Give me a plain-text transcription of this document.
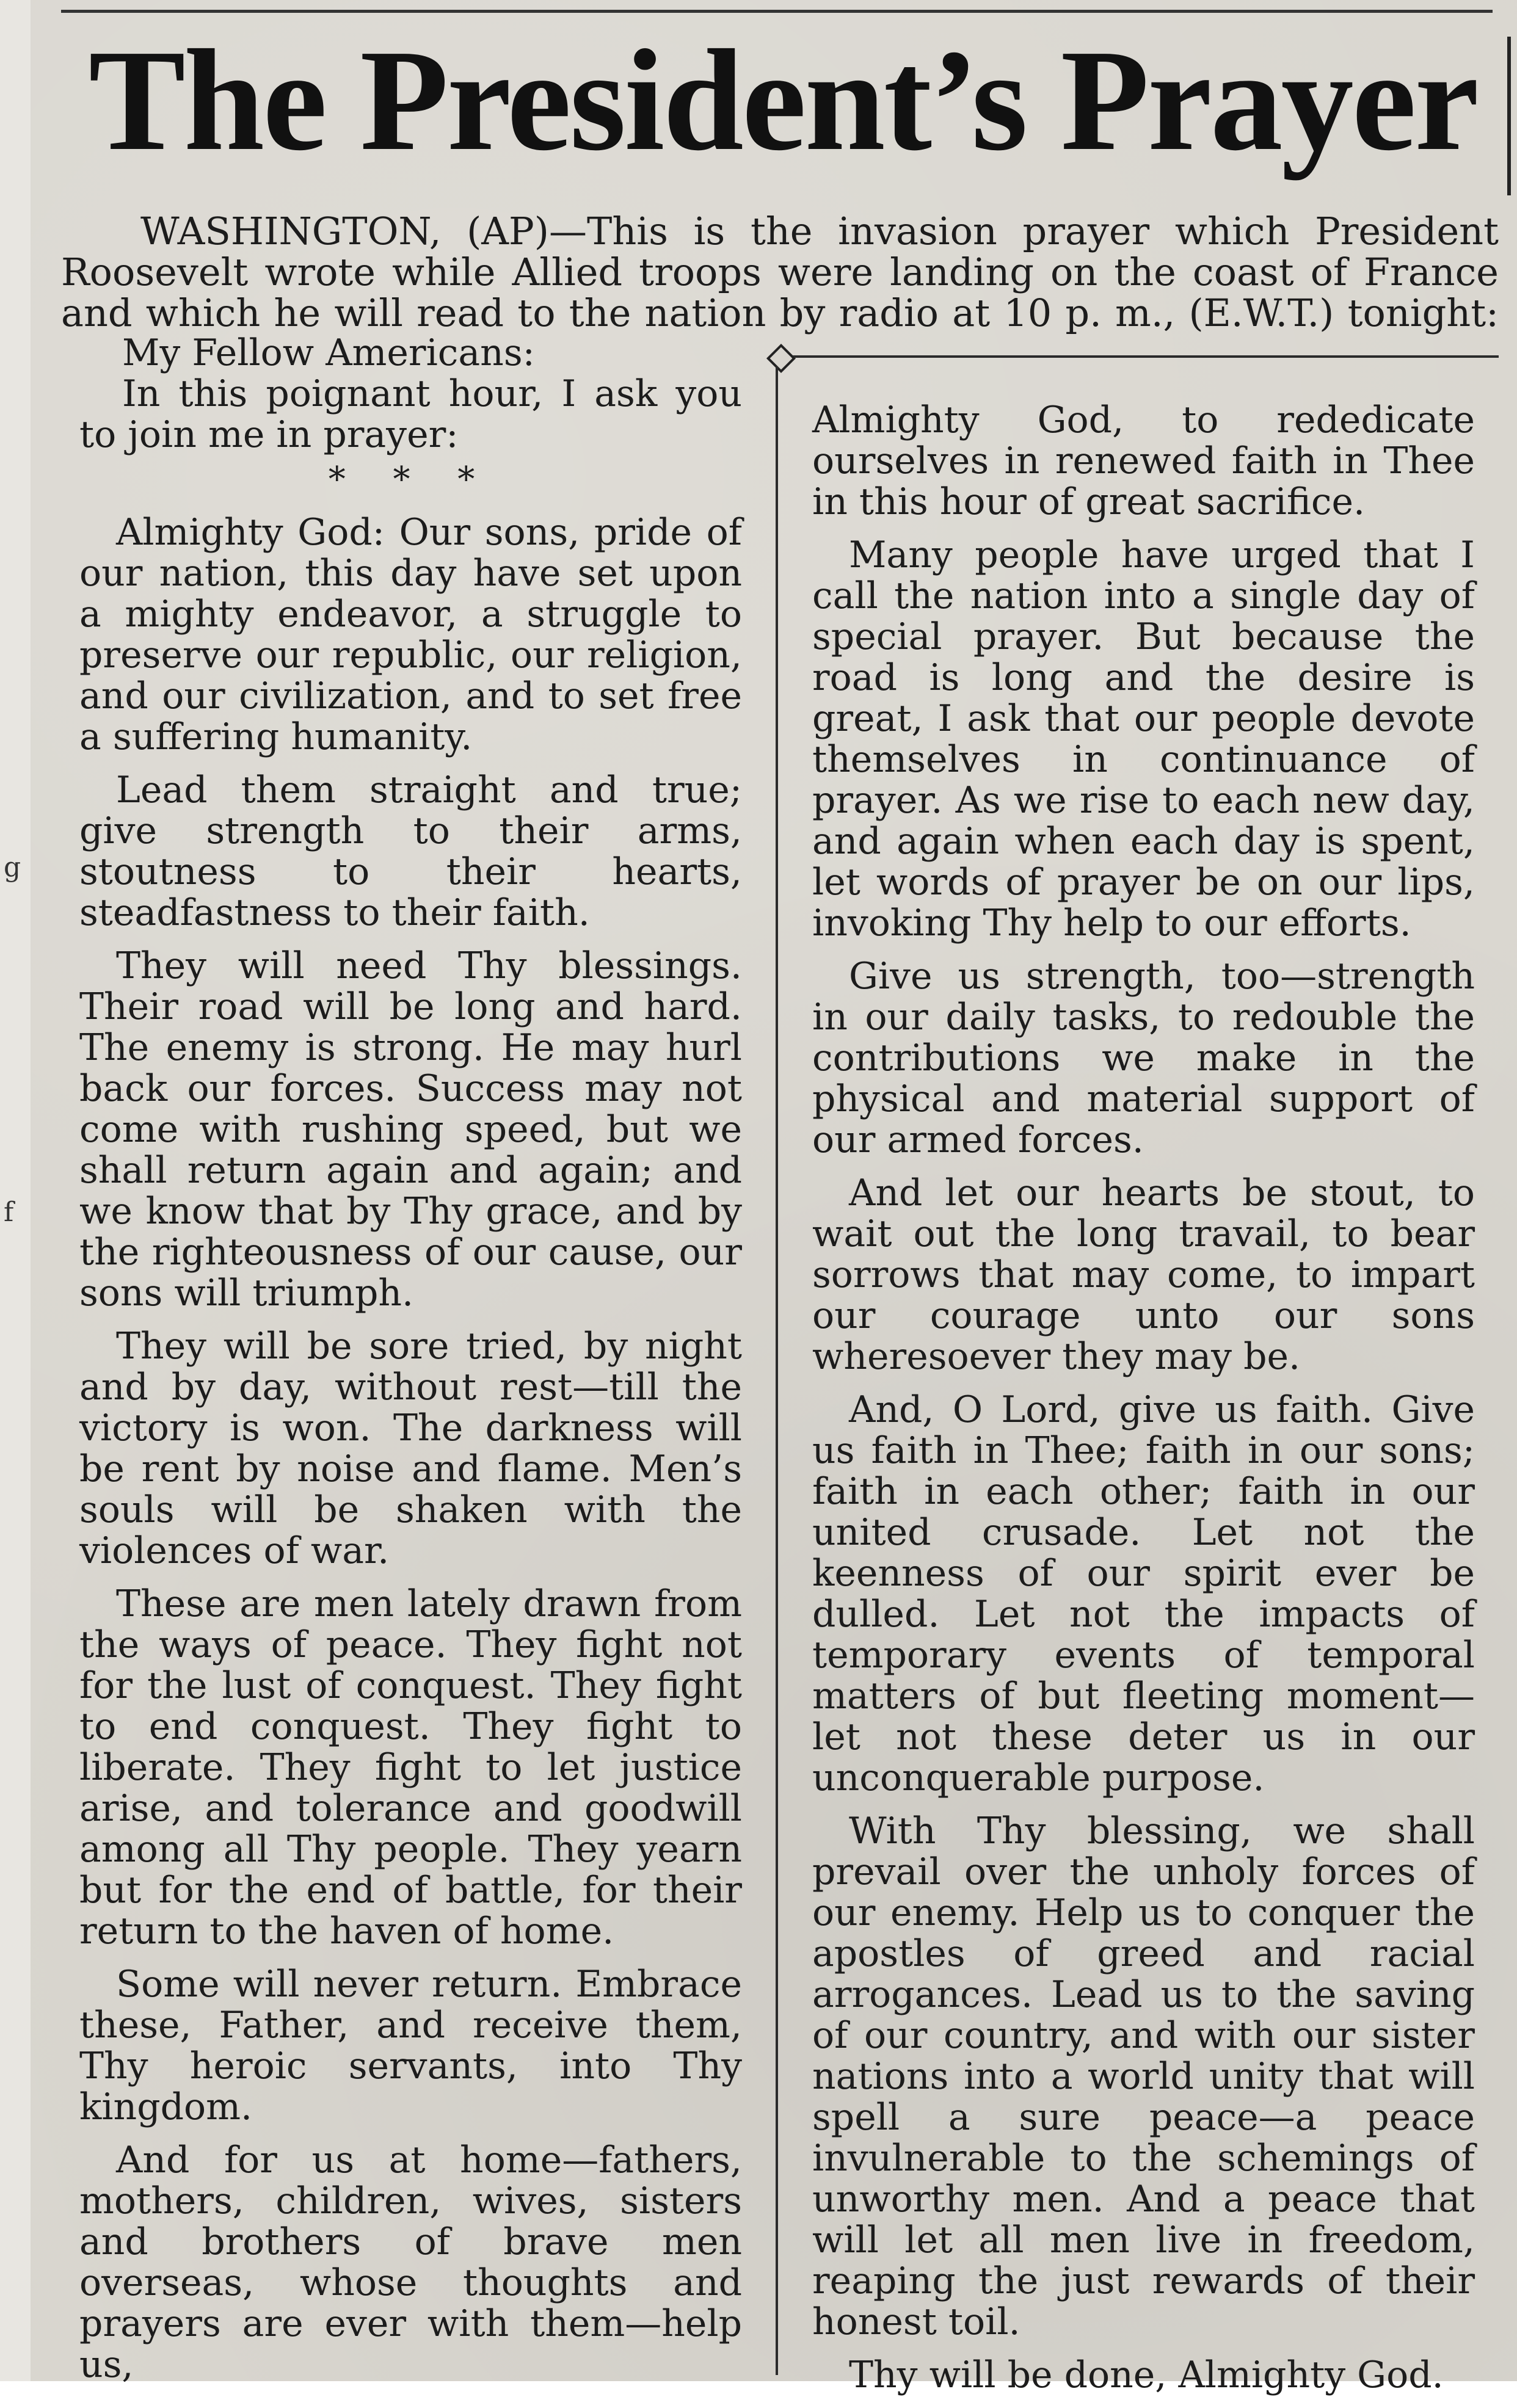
g
f
The President’s Prayer
WASHINGTON, (AP)—This is the invasion prayer which President
Roosevelt wrote while Allied troops were landing on the coast of France
and which he will read to the nation by radio at 10 p. m., (E.W.T.) tonight:

My Fellow Americans:

In this poignant hour, I ask you to join me in prayer:

* * *

Almighty God: Our sons, pride of our nation, this day have set upon a mighty endeavor, a struggle to preserve our republic, our religion, and our civilization, and to set free a suffering humanity.

Lead them straight and true; give strength to their arms, stoutness to their hearts, steadfastness to their faith.

They will need Thy blessings. Their road will be long and hard. The enemy is strong. He may hurl back our forces. Success may not come with rushing speed, but we shall return again and again; and we know that by Thy grace, and by the righteousness of our cause, our sons will triumph.

They will be sore tried, by night and by day, without rest—till the victory is won. The darkness will be rent by noise and flame. Men’s souls will be shaken with the violences of war.

These are men lately drawn from the ways of peace. They fight not for the lust of conquest. They fight to end conquest. They fight to liberate. They fight to let justice arise, and tolerance and goodwill among all Thy people. They yearn but for the end of battle, for their return to the haven of home.

Some will never return. Embrace these, Father, and receive them, Thy heroic servants, into Thy kingdom.

And for us at home—fathers, mothers, children, wives, sisters and brothers of brave men overseas, whose thoughts and prayers are ever with them—help us,

Almighty God, to rededicate ourselves in renewed faith in Thee in this hour of great sacrifice.

Many people have urged that I call the nation into a single day of special prayer. But because the road is long and the desire is great, I ask that our people devote themselves in continuance of prayer. As we rise to each new day, and again when each day is spent, let words of prayer be on our lips, invoking Thy help to our efforts.

Give us strength, too—strength in our daily tasks, to redouble the contributions we make in the physical and material support of our armed forces.

And let our hearts be stout, to wait out the long travail, to bear sorrows that may come, to impart our courage unto our sons wheresoever they may be.

And, O Lord, give us faith. Give us faith in Thee; faith in our sons; faith in each other; faith in our united crusade. Let not the keenness of our spirit ever be dulled. Let not the impacts of temporary events of temporal matters of but fleeting moment—let not these deter us in our unconquerable purpose.

With Thy blessing, we shall prevail over the unholy forces of our enemy. Help us to conquer the apostles of greed and racial arrogances. Lead us to the saving of our country, and with our sister nations into a world unity that will spell a sure peace—a peace invulnerable to the schemings of unworthy men. And a peace that will let all men live in freedom, reaping the just rewards of their honest toil.

Thy will be done, Almighty God.
